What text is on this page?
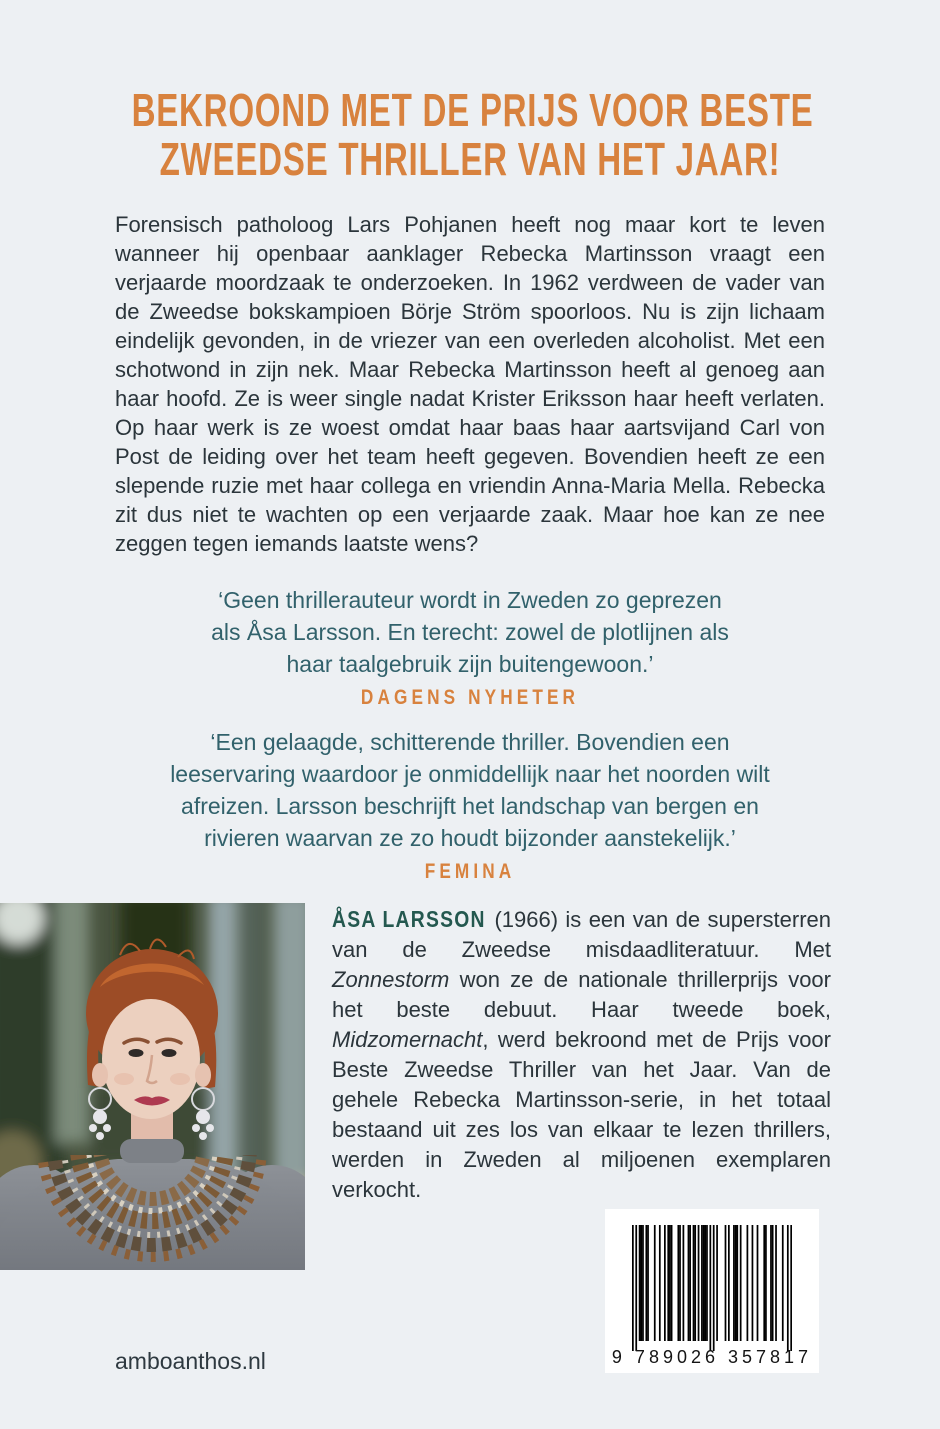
BEKROOND MET DE PRIJS VOOR BESTE
ZWEEDSE THRILLER VAN HET JAAR!

Forensisch patholoog Lars Pohjanen heeft nog maar kort te leven wanneer hij openbaar aanklager Rebecka Martinsson vraagt een verjaarde moordzaak te onderzoeken. In 1962 verdween de vader van de Zweedse bokskampioen Börje Ström spoorloos. Nu is zijn lichaam eindelijk gevonden, in de vriezer van een overleden alcoholist. Met een schotwond in zijn nek. Maar Rebecka Martinsson heeft al genoeg aan haar hoofd. Ze is weer single nadat Krister Eriksson haar heeft verlaten. Op haar werk is ze woest omdat haar baas haar aartsvijand Carl von Post de leiding over het team heeft gegeven. Bovendien heeft ze een slepende ruzie met haar collega en vriendin Anna-Maria Mella. Rebecka zit dus niet te wachten op een verjaarde zaak. Maar hoe kan ze nee zeggen tegen iemands laatste wens?

‘Geen thrillerauteur wordt in Zweden zo geprezen
als Åsa Larsson. En terecht: zowel de plotlijnen als
haar taalgebruik zijn buitengewoon.’
DAGENS NYHETER
‘Een gelaagde, schitterende thriller. Bovendien een
leeservaring waardoor je onmiddellijk naar het noorden wilt
afreizen. Larsson beschrijft het landschap van bergen en
rivieren waarvan ze zo houdt bijzonder aanstekelijk.’
FEMINA

ÅSA LARSSON (1966) is een van de supersterren van de Zweedse misdaadliteratuur. Met Zonnestorm won ze de nationale thrillerprijs voor het beste debuut. Haar tweede boek, Midzomernacht, werd bekroond met de Prijs voor Beste Zweedse Thriller van het Jaar. Van de gehele Rebecka Martinsson-serie, in het totaal bestaand uit zes los van elkaar te lezen thrillers, werden in Zweden al miljoenen exemplaren verkocht.

9 789026 357817
amboanthos.nl
